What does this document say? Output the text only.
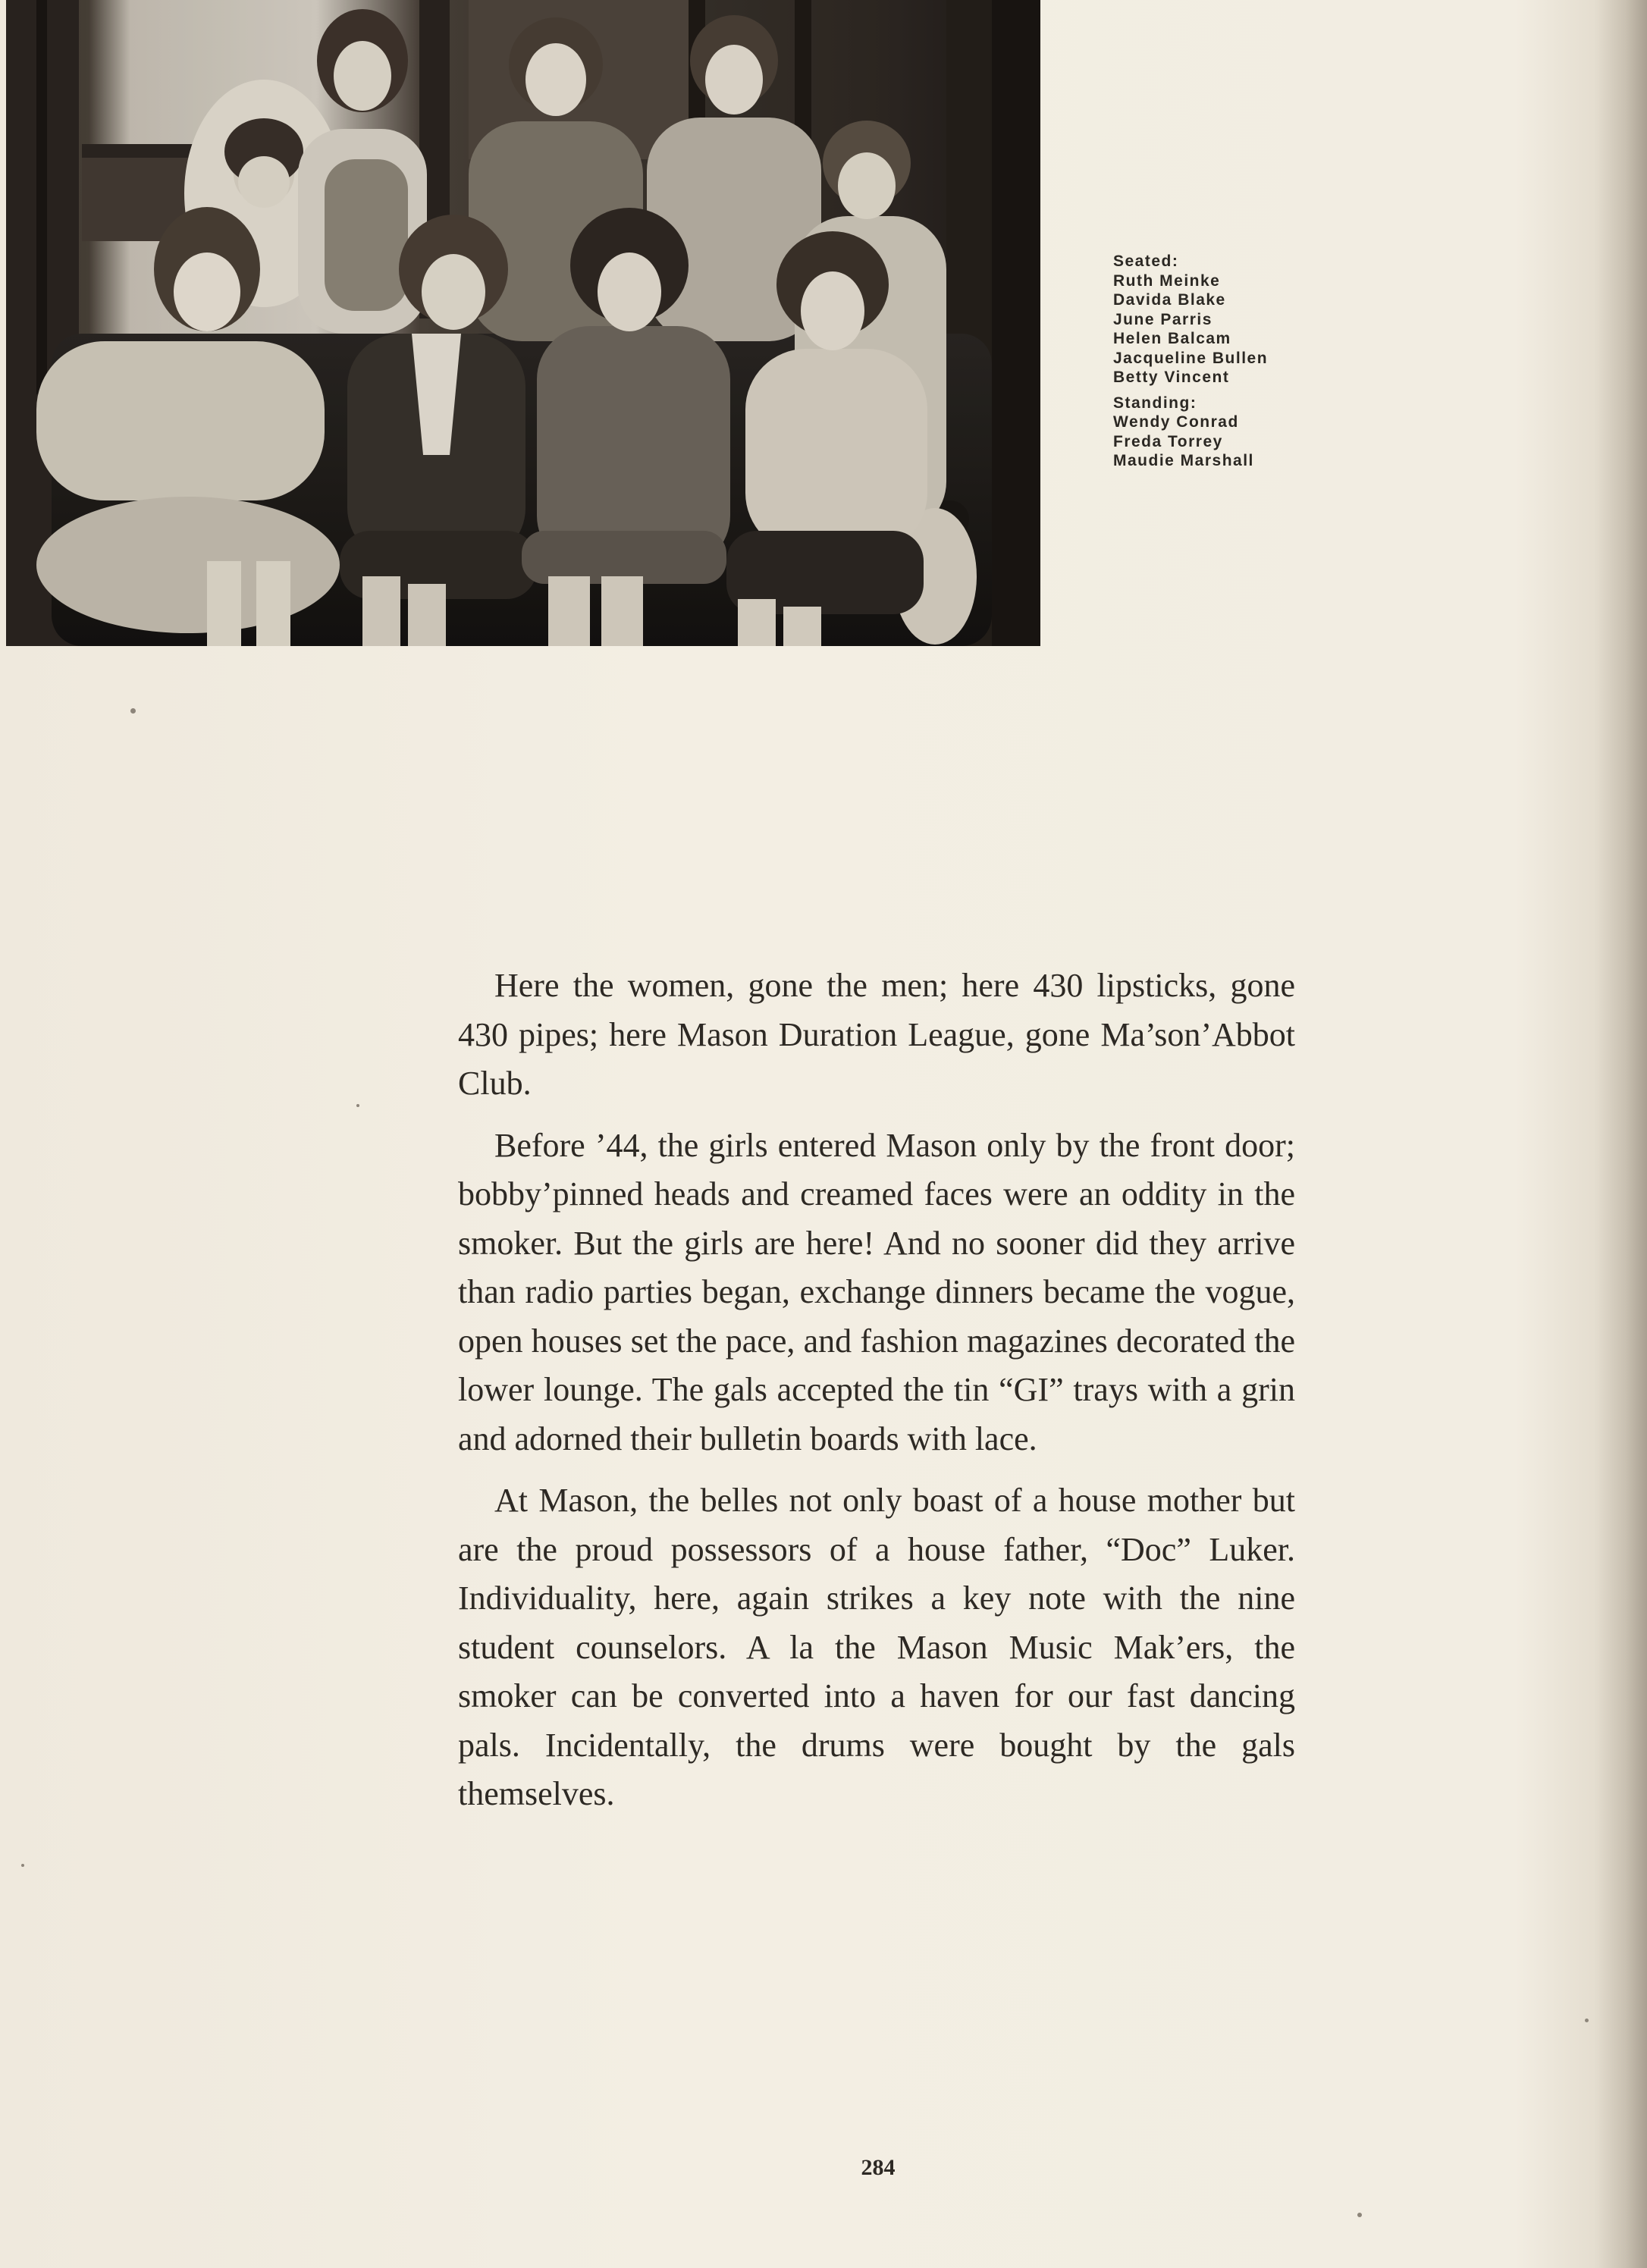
Seated:
Ruth Meinke
Davida Blake
June Parris
Helen Balcam
Jacqueline Bullen
Betty Vincent
Standing:
Wendy Conrad
Freda Torrey
Maudie Marshall

Here the women, gone the men; here 430 lipsticks, gone 430 pipes; here Mason Duration League, gone Ma’son’Abbot Club.

Before ’44, the girls entered Mason only by the front door; bobby’pinned heads and creamed faces were an oddity in the smoker. But the girls are here! And no sooner did they arrive than radio parties began, exchange dinners became the vogue, open houses set the pace, and fashion magazines decorated the lower lounge. The gals accepted the tin “GI” trays with a grin and adorned their bulletin boards with lace.

At Mason, the belles not only boast of a house mother but are the proud possessors of a house father, “Doc” Luker. Individuality, here, again strikes a key note with the nine student counselors. A la the Mason Music Mak’ers, the smoker can be converted into a haven for our fast dancing pals. Incidentally, the drums were bought by the gals themselves.

284
